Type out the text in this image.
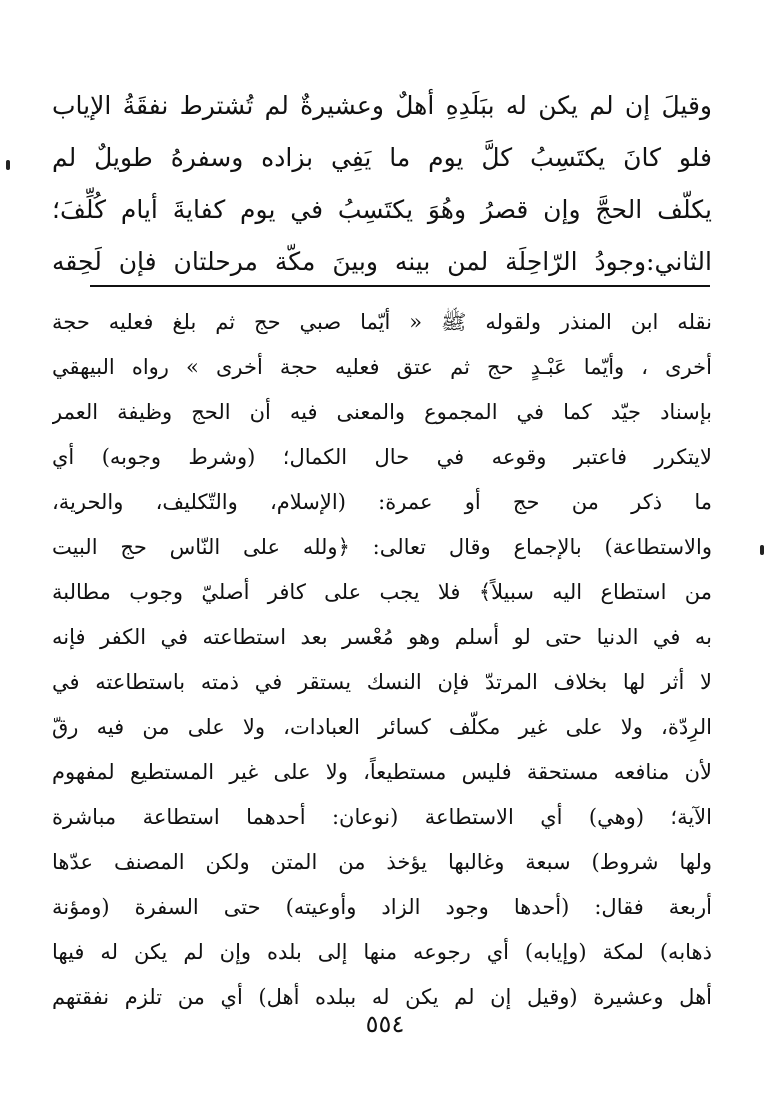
وقيلَ إن لم يكن له ببَلَدِهِ أهلٌ وعشيرةٌ لم تُشترط نفقَةُ الإياب
فلو كانَ يكتَسِبُ كلَّ يوم ما يَفِي بزاده وسفرهُ طويلٌ لم
يكلّف الحجَّ وإن قصرُ وهُوَ يكتَسِبُ في يوم كفايةَ أيام كُلِّفَ؛
الثاني:وجودُ الرّاحِلَة لمن بينه وبينَ مكّة مرحلتان فإن لَحِقه
نقله ابن المنذر ولقوله ﷺ « أيّما صبي حج ثم بلغ فعليه حجة
أخرى ، وأيّما عَبْـدٍ حج ثم عتق فعليه حجة أخرى » رواه البيهقي
بإسناد جيّد كما في المجموع والمعنى فيه أن الحج وظيفة العمر
لايتكرر فاعتبر وقوعه في حال الكمال؛ (وشرط وجوبه) أي
ما ذكر من حج أو عمرة: (الإسلام، والتّكليف، والحرية،
والاستطاعة) بالإجماع وقال تعالى: ﴿ولله على النّاس حج البيت
من استطاع اليه سبيلاً﴾ فلا يجب على كافر أصليّ وجوب مطالبة
به في الدنيا حتى لو أسلم وهو مُعْسر بعد استطاعته في الكفر فإنه
لا أثر لها بخلاف المرتدّ فإن النسك يستقر في ذمته باستطاعته في
الرِدّة، ولا على غير مكلّف كسائر العبادات، ولا على من فيه رقّ
لأن منافعه مستحقة فليس مستطيعاً، ولا على غير المستطيع لمفهوم
الآية؛ (وهي) أي الاستطاعة (نوعان: أحدهما استطاعة مباشرة
ولها شروط) سبعة وغالبها يؤخذ من المتن ولكن المصنف عدّها
أربعة فقال: (أحدها وجود الزاد وأوعيته) حتى السفرة (ومؤنة
ذهابه) لمكة (وإيابه) أي رجوعه منها إلى بلده وإن لم يكن له فيها
أهل وعشيرة (وقيل إن لم يكن له ببلده أهل) أي من تلزم نفقتهم
٥٥٤
